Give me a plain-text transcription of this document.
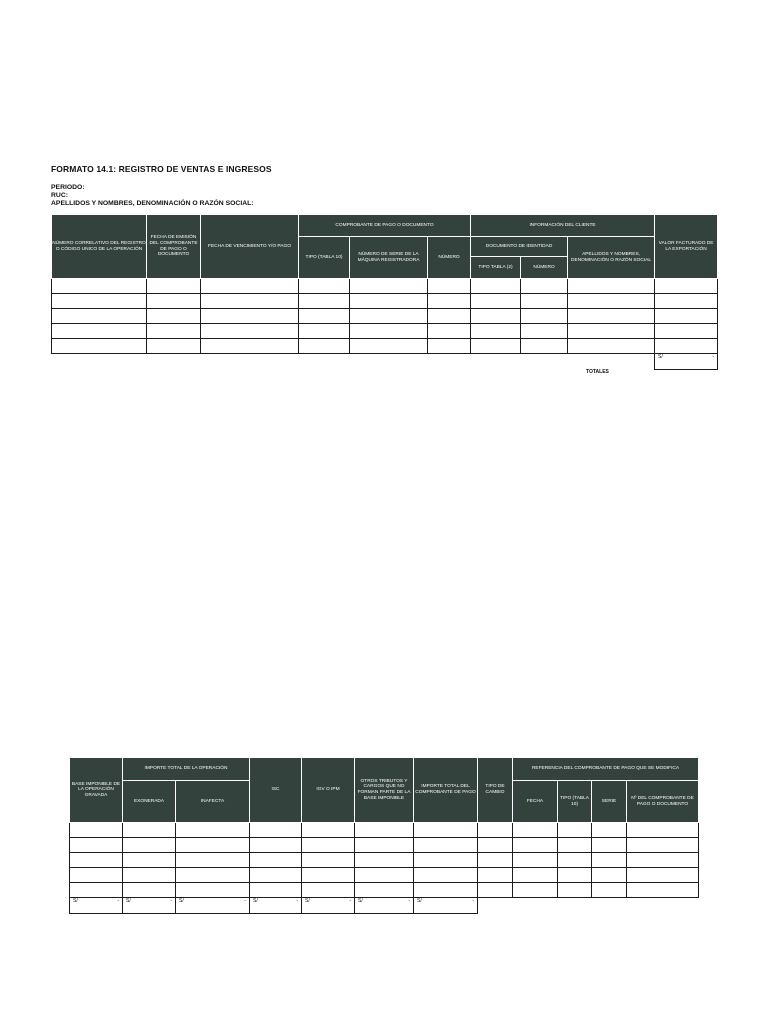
FORMATO 14.1: REGISTRO DE VENTAS E INGRESOS
PERIODO:
RUC:
APELLIDOS Y NOMBRES, DENOMINACIÓN O RAZÓN SOCIAL:
NÚMERO CORRELATIVO DEL REGISTRO O CÓDIGO UNICO DE LA OPERACIÓN	FECHA DE EMISIÓN DEL COMPROBANTE DE PAGO O DOCUMENTO	FECHA DE VENCIMIENTO Y/O PAGO	COMPROBANTE DE PAGO O DOCUMENTO			INFORMACIÓN DEL CLIENTE			VALOR FACTURADO DE LA EXPORTACIÓN
			TIPO (TABLA 10)	NÚMERO DE SERIE DE LA MÁQUINA REGISTRADORA	NÚMERO	DOCUMENTO DE IDENTIDAD		APELLIDOS Y NOMBRES, DENOMINACIÓN O RAZÓN SOCIAL	
						TIPO TABLA (2)	NÚMERO		

									S/ -
TOTALES
BASE IMPONIBLE DE LA OPERACIÓN GRAVADA	IMPORTE TOTAL DE LA OPERACIÓN		ISC	IGV O IPM	OTROS TRIBUTOS Y CARGOS QUE NO FORMAN PARTE DE LA BASE IMPONIBLE	IMPORTE TOTAL DEL COMPROBANTE DE PAGO	TIPO DE CAMBIO	REFERENCIA DEL COMPROBANTE DE PAGO QUE SE MODIFICA			
	EXONERADA	INAFECTA						FECHA	TIPO (TABLA 10)	SERIE	Nº DEL COMPROBANTE DE PAGO O DOCUMENTO

S/ -	S/ -	S/ -	S/ -	S/ -	S/ -	S/ -					
